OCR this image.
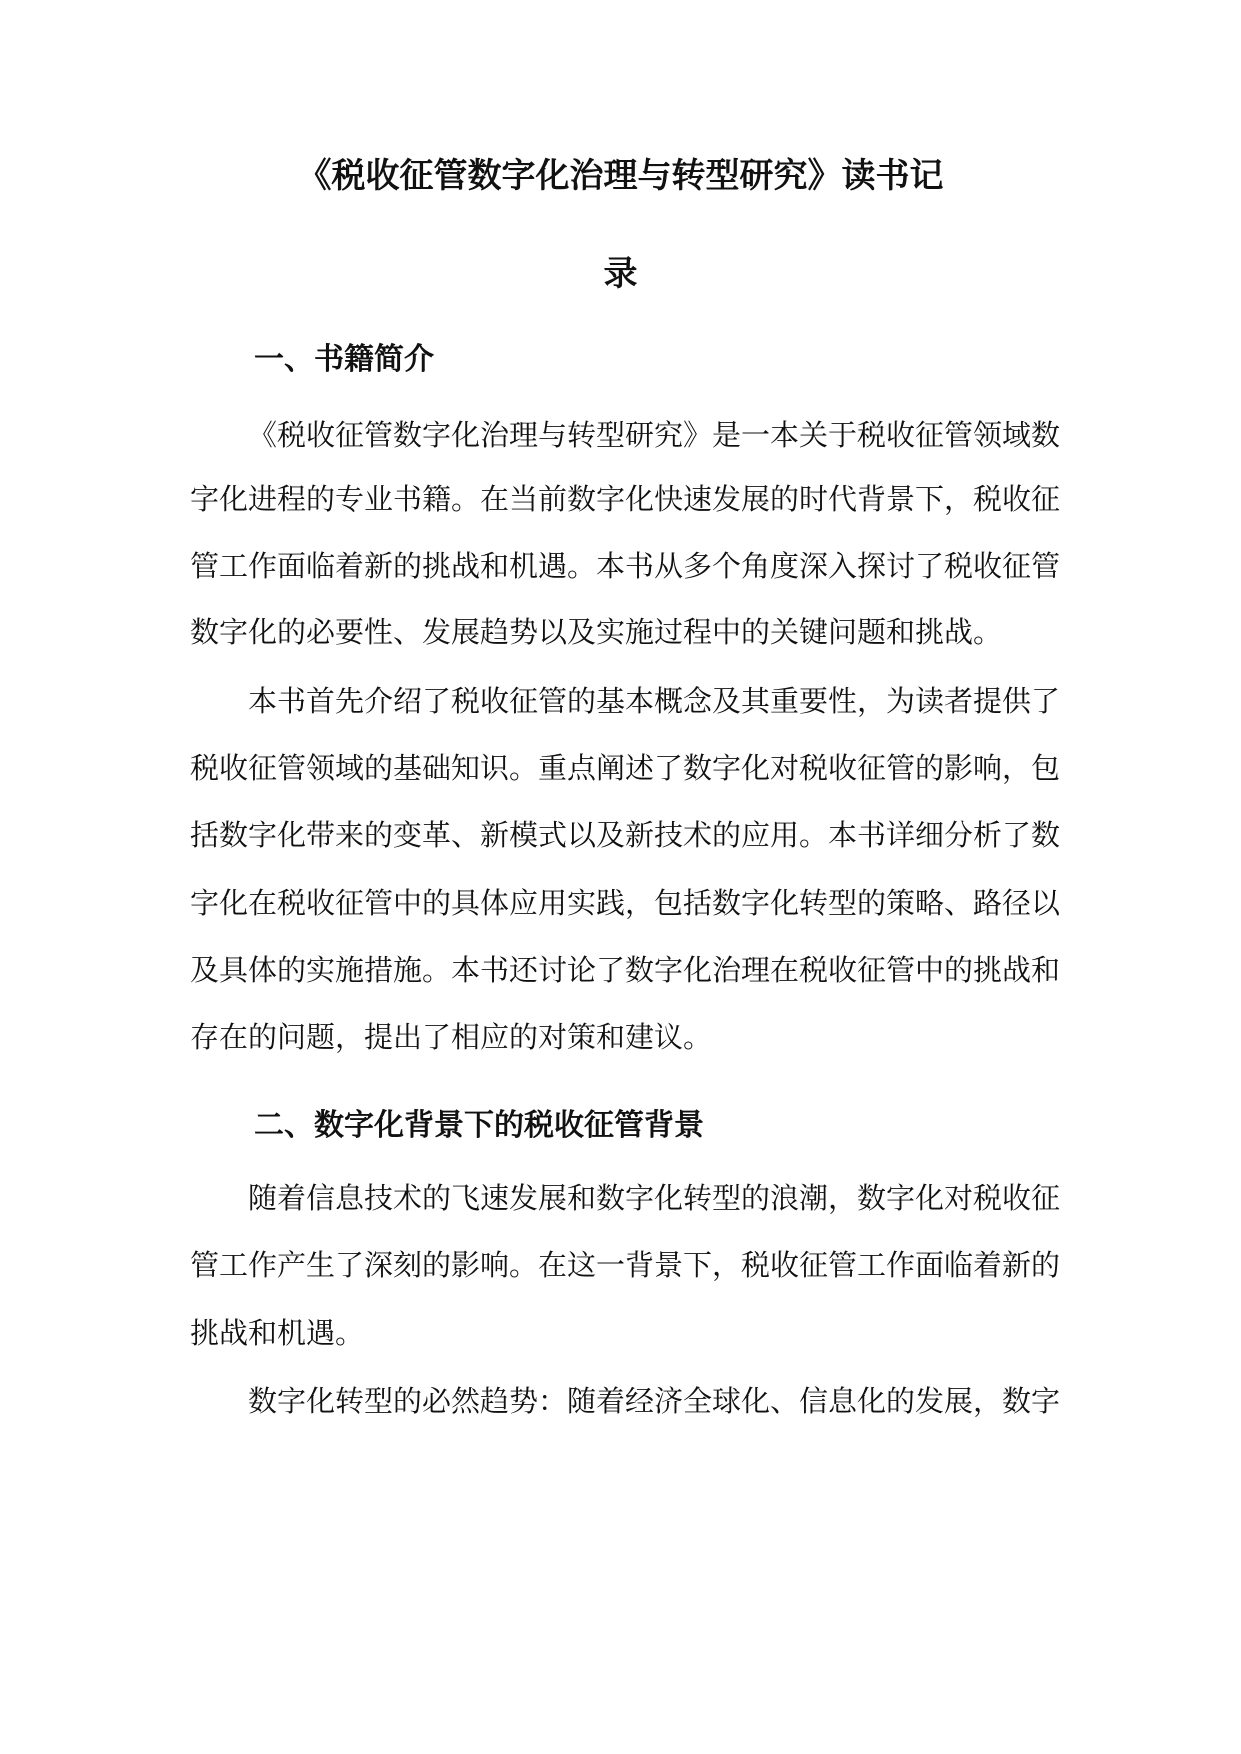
《税收征管数字化治理与转型研究》读书记
录
一、书籍简介

《税收征管数字化治理与转型研究》是一本关于税收征管领域数

字化进程的专业书籍。在当前数字化快速发展的时代背景下，税收征

管工作面临着新的挑战和机遇。本书从多个角度深入探讨了税收征管

数字化的必要性、发展趋势以及实施过程中的关键问题和挑战。

本书首先介绍了税收征管的基本概念及其重要性，为读者提供了

税收征管领域的基础知识。重点阐述了数字化对税收征管的影响，包

括数字化带来的变革、新模式以及新技术的应用。本书详细分析了数

字化在税收征管中的具体应用实践，包括数字化转型的策略、路径以

及具体的实施措施。本书还讨论了数字化治理在税收征管中的挑战和

存在的问题，提出了相应的对策和建议。

二、数字化背景下的税收征管背景

随着信息技术的飞速发展和数字化转型的浪潮，数字化对税收征

管工作产生了深刻的影响。在这一背景下，税收征管工作面临着新的

挑战和机遇。

数字化转型的必然趋势：随着经济全球化、信息化的发展，数字
